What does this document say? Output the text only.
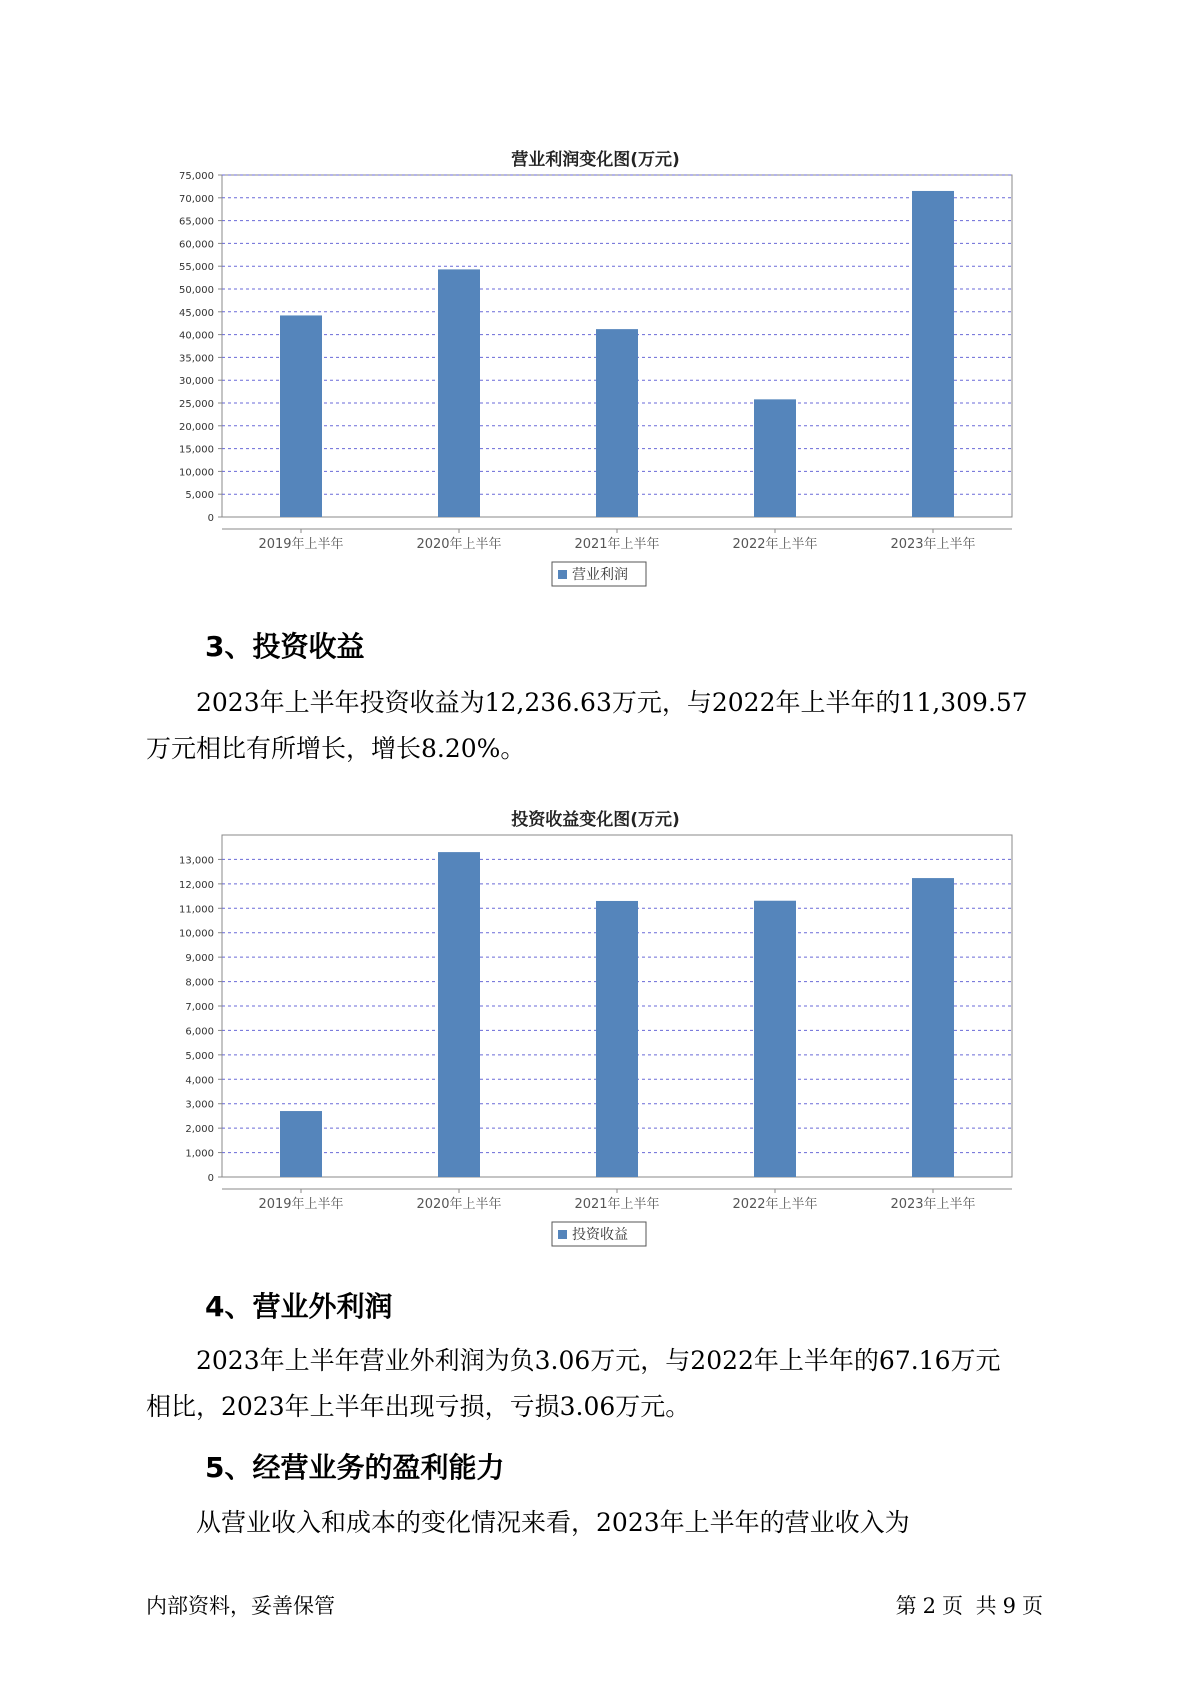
营业利润变化图(万元)
0
5,000
10,000
15,000
20,000
25,000
30,000
35,000
40,000
45,000
50,000
55,000
60,000
65,000
70,000
75,000
2019年上半年	2020年上半年	2021年上半年	2022年上半年	2023年上半年
营业利润
3、投资收益

2023年上半年投资收益为12,236.63万元，与2022年上半年的11,309.57
万元相比有所增长，增长8.20%。

投资收益变化图(万元)
0
1,000
2,000
3,000
4,000
5,000
6,000
7,000
8,000
9,000
10,000
11,000
12,000
13,000
2019年上半年	2020年上半年	2021年上半年	2022年上半年	2023年上半年
投资收益
4、营业外利润

2023年上半年营业外利润为负3.06万元，与2022年上半年的67.16万元
相比，2023年上半年出现亏损，亏损3.06万元。

5、经营业务的盈利能力

从营业收入和成本的变化情况来看，2023年上半年的营业收入为

内部资料，妥善保管	第 2 页 共 9 页
